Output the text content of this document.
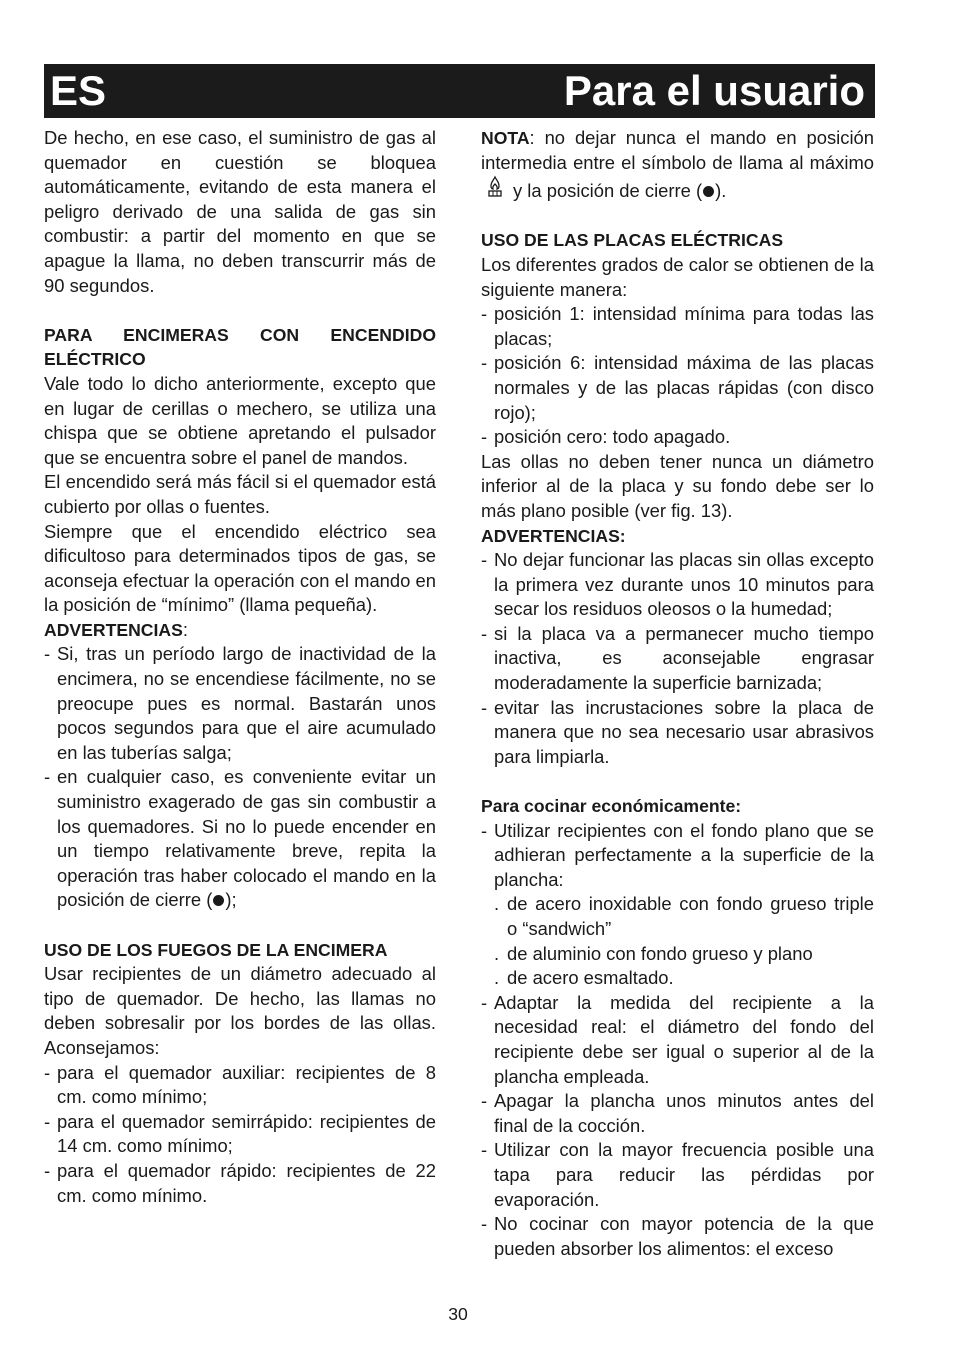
ES	Para el usuario

De hecho, en ese caso, el suministro de gas al quemador en cuestión se bloquea automáticamente, evitando de esta manera el peligro derivado de una salida de gas sin combustir: a partir del momento en que se apague la llama, no deben transcurrir más de 90 segundos.

PARA ENCIMERAS CON ENCENDIDO ELÉCTRICO

Vale todo lo dicho anteriormente, excepto que en lugar de cerillas o mechero, se utiliza una chispa que se obtiene apretando el pulsador que se encuentra sobre el panel de mandos.

El encendido será más fácil si el quemador está cubierto por ollas o fuentes.

Siempre que el encendido eléctrico sea dificultoso para determinados tipos de gas, se aconseja efectuar la operación con el mando en la posición de “mínimo” (llama pequeña).

ADVERTENCIAS:

- Si, tras un período largo de inactividad de la encimera, no se encendiese fácilmente, no se preocupe pues es normal. Bastarán unos pocos segundos para que el aire acumulado en las tuberías salga;
- en cualquier caso, es conveniente evitar un suministro exagerado de gas sin combustir a los quemadores. Si no lo puede encender en un tiempo relativamente breve, repita la operación tras haber colocado el mando en la posición de cierre ( );

USO DE LOS FUEGOS DE LA ENCIMERA

Usar recipientes de un diámetro adecuado al tipo de quemador. De hecho, las llamas no deben sobresalir por los bordes de las ollas. Aconsejamos:

- para el quemador auxiliar: recipientes de 8 cm. como mínimo;
- para el quemador semirrápido: recipientes de 14 cm. como mínimo;
- para el quemador rápido: recipientes de 22 cm. como mínimo.

NOTA: no dejar nunca el mando en posición intermedia entre el símbolo de llama al máximoy la posición de cierre ( ).

USO DE LAS PLACAS ELÉCTRICAS

Los diferentes grados de calor se obtienen de la siguiente manera:

- posición 1: intensidad mínima para todas las placas;
- posición 6: intensidad máxima de las placas normales y de las placas rápidas (con disco rojo);
- posición cero: todo apagado.

Las ollas no deben tener nunca un diámetro inferior al de la placa y su fondo debe ser lo más plano posible (ver fig. 13).

ADVERTENCIAS:

- No dejar funcionar las placas sin ollas excepto la primera vez durante unos 10 minutos para secar los residuos oleosos o la humedad;
- si la placa va a permanecer mucho tiempo inactiva, es aconsejable engrasar moderadamente la superficie barnizada;
- evitar las incrustaciones sobre la placa de manera que no sea necesario usar abrasivos para limpiarla.

Para cocinar económicamente:

- Utilizar recipientes con el fondo plano que se adhieran perfectamente a la superficie de la plancha:
. de acero inoxidable con fondo grueso triple o “sandwich”
. de aluminio con fondo grueso y plano
. de acero esmaltado.
- Adaptar la medida del recipiente a la necesidad real: el diámetro del fondo del recipiente debe ser igual o superior al de la plancha empleada.
- Apagar la plancha unos minutos antes del final de la cocción.
- Utilizar con la mayor frecuencia posible una tapa para reducir las pérdidas por evaporación.
- No cocinar con mayor potencia de la que pueden absorber los alimentos: el exceso
30
